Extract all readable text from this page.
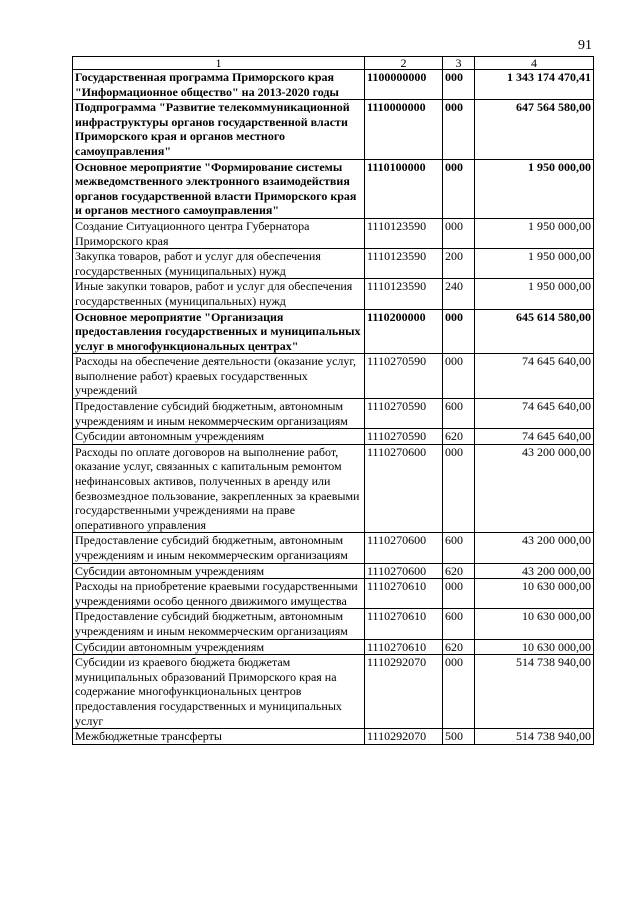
91
1	2	3	4
Государственная программа Приморского края "Информационное общество" на 2013-2020 годы	1100000000	000	1 343 174 470,41
Подпрограмма "Развитие телекоммуникационной инфраструктуры органов государственной власти Приморского края и органов местного самоуправления"	1110000000	000	647 564 580,00
Основное мероприятие "Формирование системы межведомственного электронного взаимодействия органов государственной власти Приморского края и органов местного самоуправления"	1110100000	000	1 950 000,00
Создание Ситуационного центра Губернатора Приморского края	1110123590	000	1 950 000,00
Закупка товаров, работ и услуг для обеспечения государственных (муниципальных) нужд	1110123590	200	1 950 000,00
Иные закупки товаров, работ и услуг для обеспечения государственных (муниципальных) нужд	1110123590	240	1 950 000,00
Основное мероприятие "Организация предоставления государственных и муниципальных услуг в многофункциональных центрах"	1110200000	000	645 614 580,00
Расходы на обеспечение деятельности (оказание услуг, выполнение работ) краевых государственных учреждений	1110270590	000	74 645 640,00
Предоставление субсидий бюджетным, автономным учреждениям и иным некоммерческим организациям	1110270590	600	74 645 640,00
Субсидии автономным учреждениям	1110270590	620	74 645 640,00
Расходы по оплате договоров на выполнение работ, оказание услуг, связанных с капитальным ремонтом нефинансовых активов, полученных в аренду или безвозмездное пользование, закрепленных за краевыми государственными учреждениями на праве оперативного управления	1110270600	000	43 200 000,00
Предоставление субсидий бюджетным, автономным учреждениям и иным некоммерческим организациям	1110270600	600	43 200 000,00
Субсидии автономным учреждениям	1110270600	620	43 200 000,00
Расходы на приобретение краевыми государственными учреждениями особо ценного движимого имущества	1110270610	000	10 630 000,00
Предоставление субсидий бюджетным, автономным учреждениям и иным некоммерческим организациям	1110270610	600	10 630 000,00
Субсидии автономным учреждениям	1110270610	620	10 630 000,00
Субсидии из краевого бюджета бюджетам муниципальных образований Приморского края на содержание многофункциональных центров предоставления государственных и муниципальных услуг	1110292070	000	514 738 940,00
Межбюджетные трансферты	1110292070	500	514 738 940,00
